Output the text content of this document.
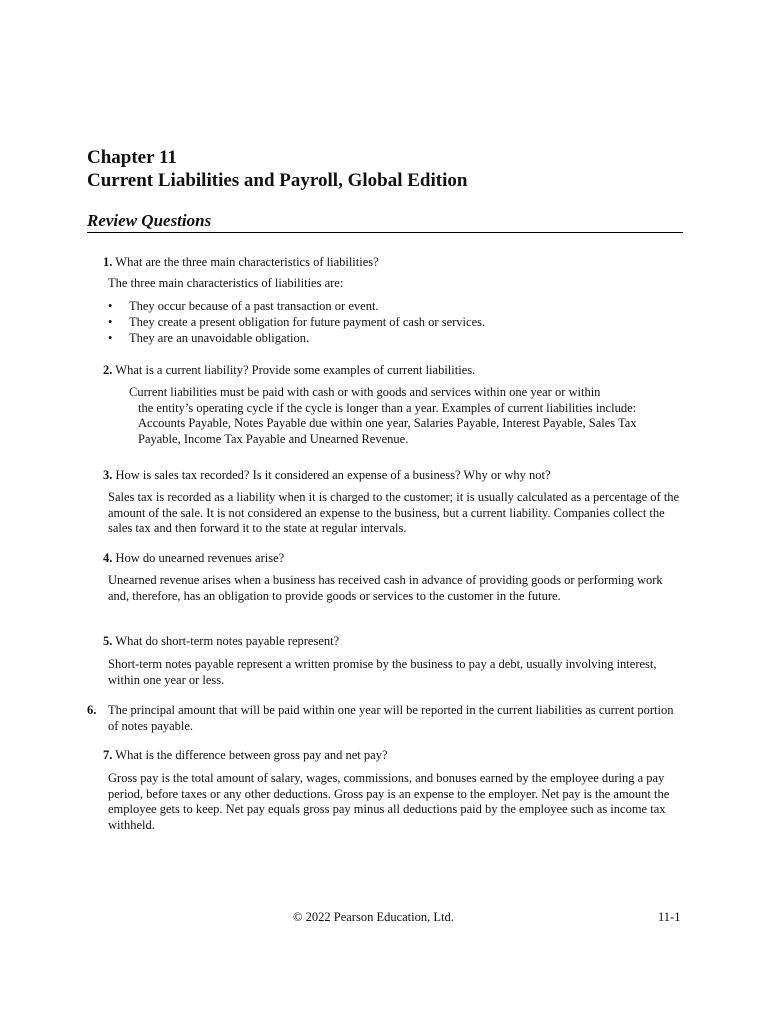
Chapter 11
Current Liabilities and Payroll, Global Edition
Review Questions
1. What are the three main characteristics of liabilities?
The three main characteristics of liabilities are:
• They occur because of a past transaction or event.
• They create a present obligation for future payment of cash or services.
• They are an unavoidable obligation.
2. What is a current liability? Provide some examples of current liabilities.
Current liabilities must be paid with cash or with goods and services within one year or within
the entity’s operating cycle if the cycle is longer than a year. Examples of current liabilities include: Accounts Payable, Notes Payable due within one year, Salaries Payable, Interest Payable, Sales Tax Payable, Income Tax Payable and Unearned Revenue.
3. How is sales tax recorded? Is it considered an expense of a business? Why or why not?
Sales tax is recorded as a liability when it is charged to the customer; it is usually calculated as a percentage of the amount of the sale. It is not considered an expense to the business, but a current liability. Companies collect the sales tax and then forward it to the state at regular intervals.
4. How do unearned revenues arise?
Unearned revenue arises when a business has received cash in advance of providing goods or performing work and, therefore, has an obligation to provide goods or services to the customer in the future.
5. What do short-term notes payable represent?
Short-term notes payable represent a written promise by the business to pay a debt, usually involving interest, within one year or less.
6. The principal amount that will be paid within one year will be reported in the current liabilities as current portion of notes payable.
7. What is the difference between gross pay and net pay?
Gross pay is the total amount of salary, wages, commissions, and bonuses earned by the employee during a pay period, before taxes or any other deductions. Gross pay is an expense to the employer. Net pay is the amount the employee gets to keep. Net pay equals gross pay minus all deductions paid by the employee such as income tax withheld.
© 2022 Pearson Education, Ltd.	11-1
